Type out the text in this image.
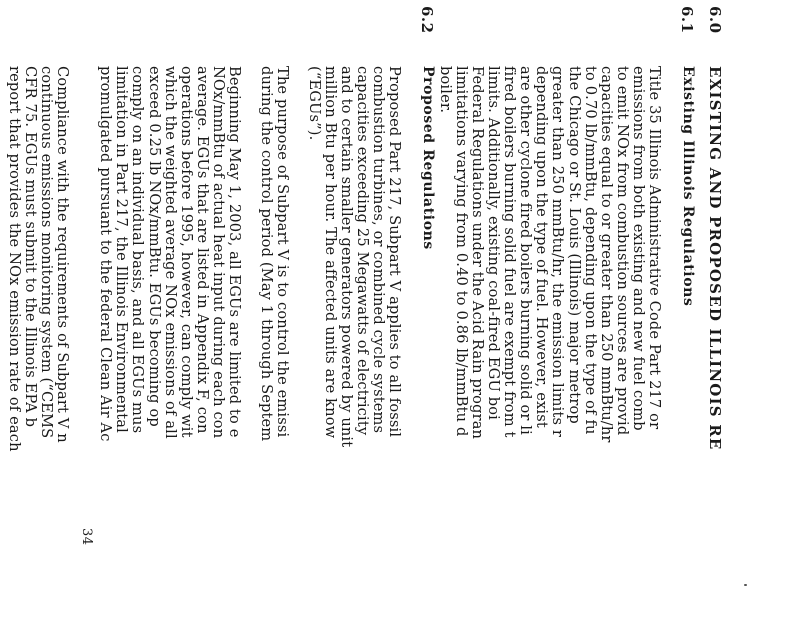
6.0
EXISTING AND PROPOSED ILLINOIS RE
6.1
Existing Illinois Regulations
Title 35 Illinois Administrative Code Part 217 or
emissions from both existing and new fuel comb
to emit NOx from combustion sources are provid
capacities equal to or greater than 250 mmBtu/hr
to 0.70 lb/mmBtu, depending upon the type of fu
the Chicago or St. Louis (Illinois) major metrop
greater than 250 mmBtu/hr, the emission limits r
depending upon the type of fuel. However, exist
are other cyclone fired boilers burning solid or li
fired boilers burning solid fuel are exempt from t
limits. Additionally, existing coal-fired EGU boi
Federal Regulations under the Acid Rain progran
limitations varying from 0.40 to 0.86 lb/mmBtu d
boiler.
6.2
Proposed Regulations
Proposed Part 217, Subpart V applies to all fossil
combustion turbines, or combined cycle systems
capacities exceeding 25 Megawatts of electricity
and to certain smaller generators powered by unit
million Btu per hour. The affected units are know
(“EGUs”).
The purpose of Subpart V is to control the emissi
during the control period (May 1 through Septem
Beginning May 1, 2003, all EGUs are limited to e
NOx/mmBtu of actual heat input during each con
average. EGUs that are listed in Appendix F, con
operations before 1995, however, can comply wit
which the weighted average NOx emissions of all
exceed 0.25 lb NOx/mmBtu. EGUs becoming op
comply on an individual basis, and all EGUs mus
limitation in Part 217, the Illinois Environmental
promulgated pursuant to the federal Clean Air Ac
Compliance with the requirements of Subpart V n
continuous emissions monitoring system (“CEMS
CFR 75. EGUs must submit to the Illinois EPA b
report that provides the NOx emission rate of each
34
